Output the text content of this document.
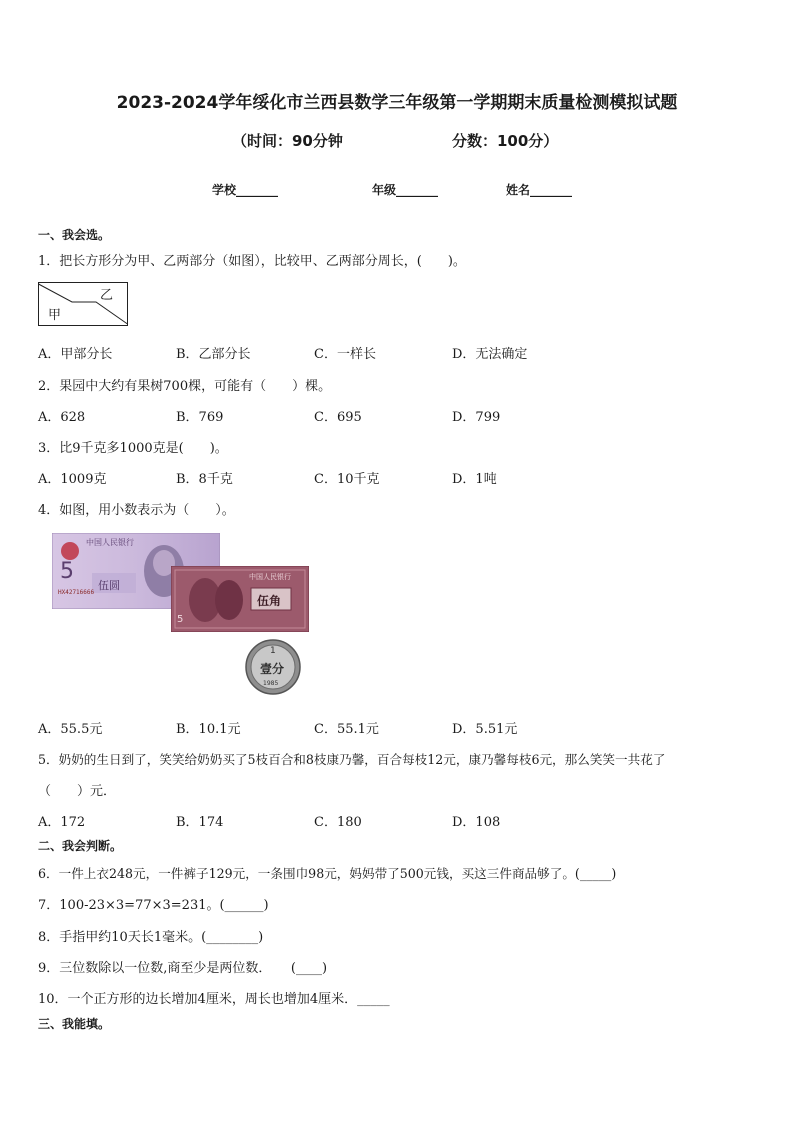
2023-2024学年绥化市兰西县数学三年级第一学期期末质量检测模拟试题
（时间：90分钟	分数：100分）
学校_______	年级_______	姓名_______
一、我会选。
1．把长方形分为甲、乙两部分（如图），比较甲、乙两部分周长，(　　)。
甲
乙
A．甲部分长	B．乙部分长	C．一样长	D．无法确定
2．果园中大约有果树700棵，可能有（　　）棵。
A．628	B．769	C．695	D．799
3．比9千克多1000克是(　　)。
A．1009克	B．8千克	C．10千克	D．1吨
4．如图，用小数表示为（　　）。
中国人民银行
5
伍圆
HX42716666
中国人民银行
伍角
5
1
壹分
1985
A．55.5元	B．10.1元	C．55.1元	D．5.51元
5．奶奶的生日到了，笑笑给奶奶买了5枝百合和8枝康乃馨，百合每枝12元，康乃馨每枝6元，那么笑笑一共花了
（　　）元．
A．172	B．174	C．180	D．108
二、我会判断。
6．一件上衣248元，一件裤子129元，一条围巾98元，妈妈带了500元钱，买这三件商品够了。(_____)
7．100-23×3=77×3=231。(______)
8．手指甲约10天长1毫米。(________)
9．三位数除以一位数,商至少是两位数．　　(____)
10．一个正方形的边长增加4厘米，周长也增加4厘米．_____
三、我能填。
